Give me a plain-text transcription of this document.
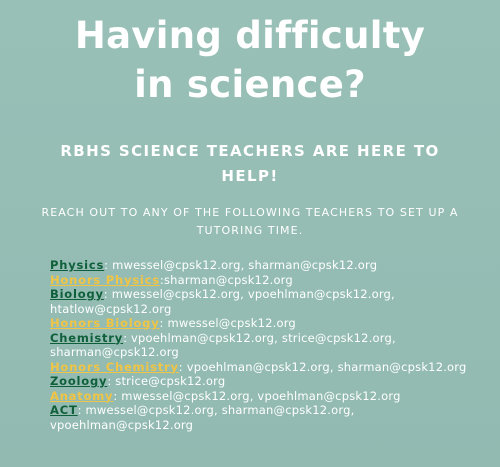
Having difficulty
in science?
RBHS SCIENCE TEACHERS ARE HERE TO
HELP!
REACH OUT TO ANY OF THE FOLLOWING TEACHERS TO SET UP A
TUTORING TIME.
Physics: mwessel@cpsk12.org, sharman@cpsk12.org
Honors Physics:sharman@cpsk12.org
Biology: mwessel@cpsk12.org, vpoehlman@cpsk12.org,
htatlow@cpsk12.org
Honors Biology: mwessel@cpsk12.org
Chemistry: vpoehlman@cpsk12.org, strice@cpsk12.org,
sharman@cpsk12.org
Honors Chemistry: vpoehlman@cpsk12.org, sharman@cpsk12.org
Zoology: strice@cpsk12.org
Anatomy: mwessel@cpsk12.org, vpoehlman@cpsk12.org
ACT: mwessel@cpsk12.org, sharman@cpsk12.org,
vpoehlman@cpsk12.org
